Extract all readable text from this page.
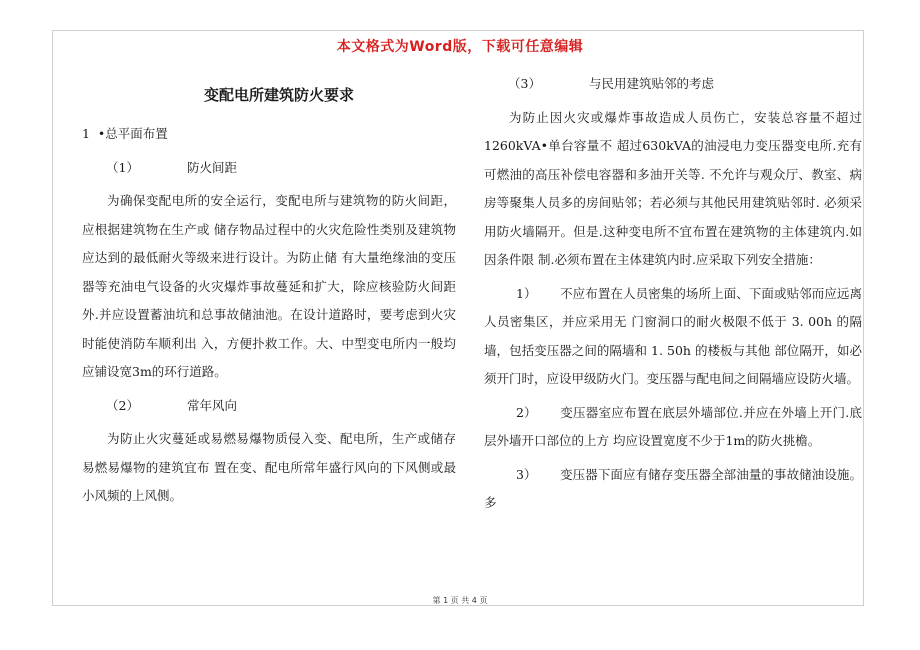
本文格式为Word版，下载可任意编辑
变配电所建筑防火要求
1  •总平面布置
（1）	防火间距

为确保变配电所的安全运行，变配电所与建筑物的防火间距，应根据建筑物在生产或 储存物品过程中的火灾危险性类别及建筑物应达到的最低耐火等级来进行设计。为防止储 有大量绝缘油的变压器等充油电气设备的火灾爆炸事故蔓延和扩大，除应核验防火间距 外.并应设置蓄油坑和总事故储油池。在设计道路时，要考虑到火灾时能使消防车顺利出 入，方便扑救工作。大、中型变电所内一般均应铺设宽3m的环行道路。

（2）	常年风向

为防止火灾蔓延或易燃易爆物质侵入变、配电所，生产或储存易燃易爆物的建筑宜布 置在变、配电所常年盛行风向的下风侧或最小风频的上风侧。

（3）	与民用建筑贴邻的考虑

为防止因火灾或爆炸事故造成人员伤亡，安装总容量不超过1260kVA•单台容量不 超过630kVA的油浸电力变压器变电所.充有可燃油的高压补偿电容器和多油开关等. 不允许与观众厅、教室、病房等聚集人员多的房间贴邻；若必须与其他民用建筑贴邻时. 必须采用防火墙隔开。但是.这种变电所不宜布置在建筑物的主体建筑内.如因条件限 制.必须布置在主体建筑内时.应采取下列安全措施：

1） 不应布置在人员密集的场所上面、下面或贴邻而应远离人员密集区，并应采用无 门窗洞口的耐火极限不低于 3. 00h 的隔墙，包括变压器之间的隔墙和 1. 50h 的楼板与其他 部位隔开，如必须开门时，应设甲级防火门。变压器与配电间之间隔墙应设防火墙。

2） 变压器室应布置在底层外墙部位.并应在外墙上开门.底层外墙开口部位的上方 均应设置宽度不少于1m的防火挑檐。

3） 变压器下面应有储存变压器全部油量的事故储油设施。多

第 1 页 共 4 页
